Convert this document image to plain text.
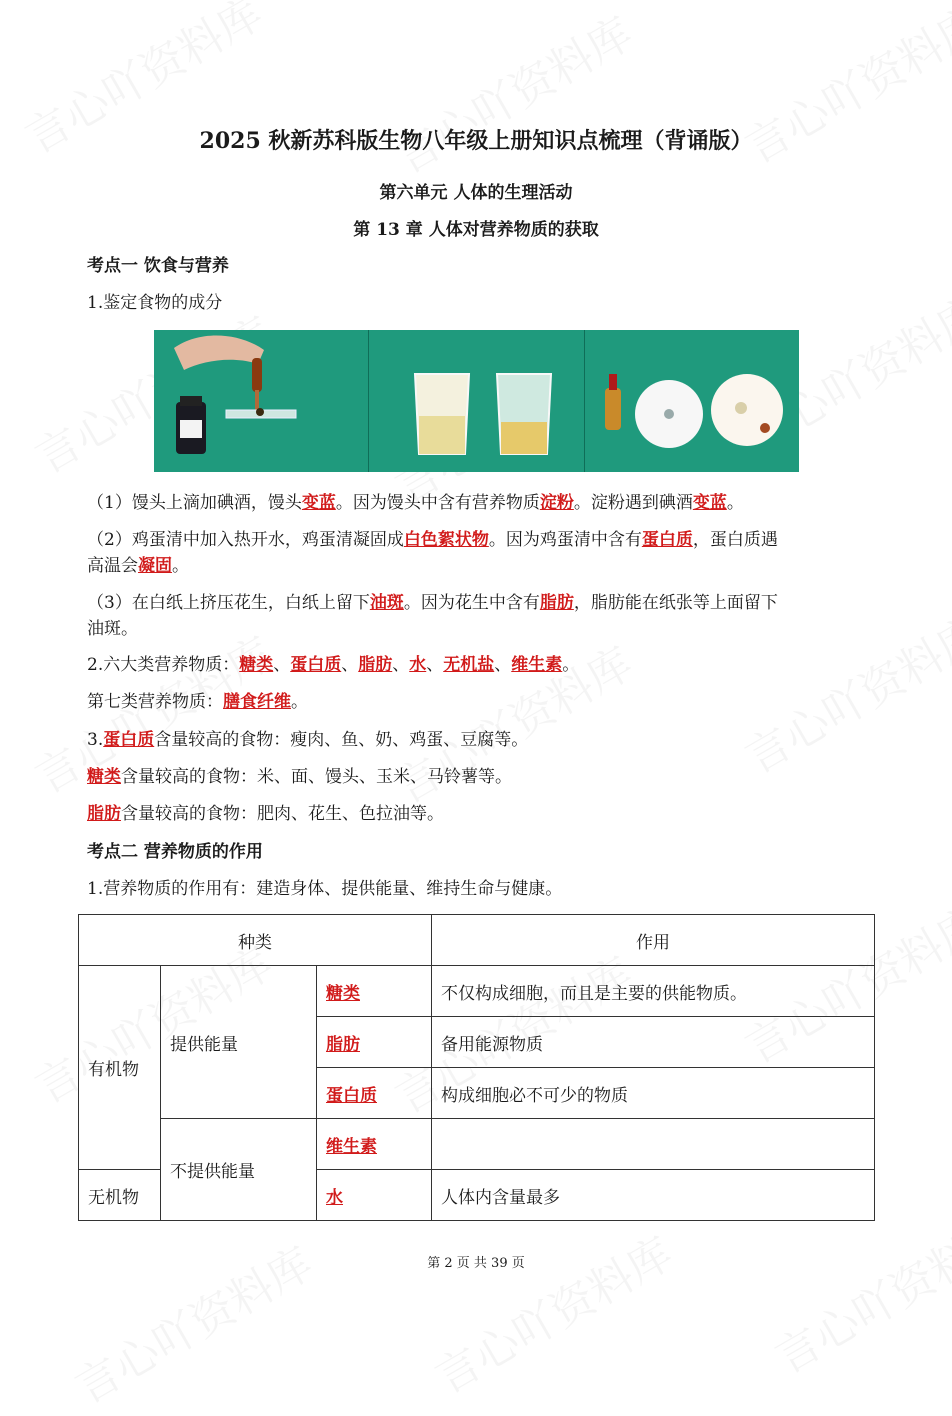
2025 秋新苏科版生物八年级上册知识点梳理（背诵版）
第六单元 人体的生理活动
第 13 章 人体对营养物质的获取
考点一 饮食与营养
1.鉴定食物的成分
（1）馒头上滴加碘酒，馒头变蓝。因为馒头中含有营养物质淀粉。淀粉遇到碘酒变蓝。
（2）鸡蛋清中加入热开水，鸡蛋清凝固成白色絮状物。因为鸡蛋清中含有蛋白质，蛋白质遇
高温会凝固。
（3）在白纸上挤压花生，白纸上留下油斑。因为花生中含有脂肪，脂肪能在纸张等上面留下
油斑。
2.六大类营养物质：糖类、蛋白质、脂肪、水、无机盐、维生素。
第七类营养物质：膳食纤维。
3.蛋白质含量较高的食物：瘦肉、鱼、奶、鸡蛋、豆腐等。
糖类含量较高的食物：米、面、馒头、玉米、马铃薯等。
脂肪含量较高的食物：肥肉、花生、色拉油等。
考点二 营养物质的作用
1.营养物质的作用有：建造身体、提供能量、维持生命与健康。
种类			作用
有机物	提供能量	糖类	不仅构成细胞，而且是主要的供能物质。
		脂肪	备用能源物质
		蛋白质	构成细胞必不可少的物质
	不提供能量	维生素	
无机物		水	人体内含量最多
第 2 页 共 39 页
